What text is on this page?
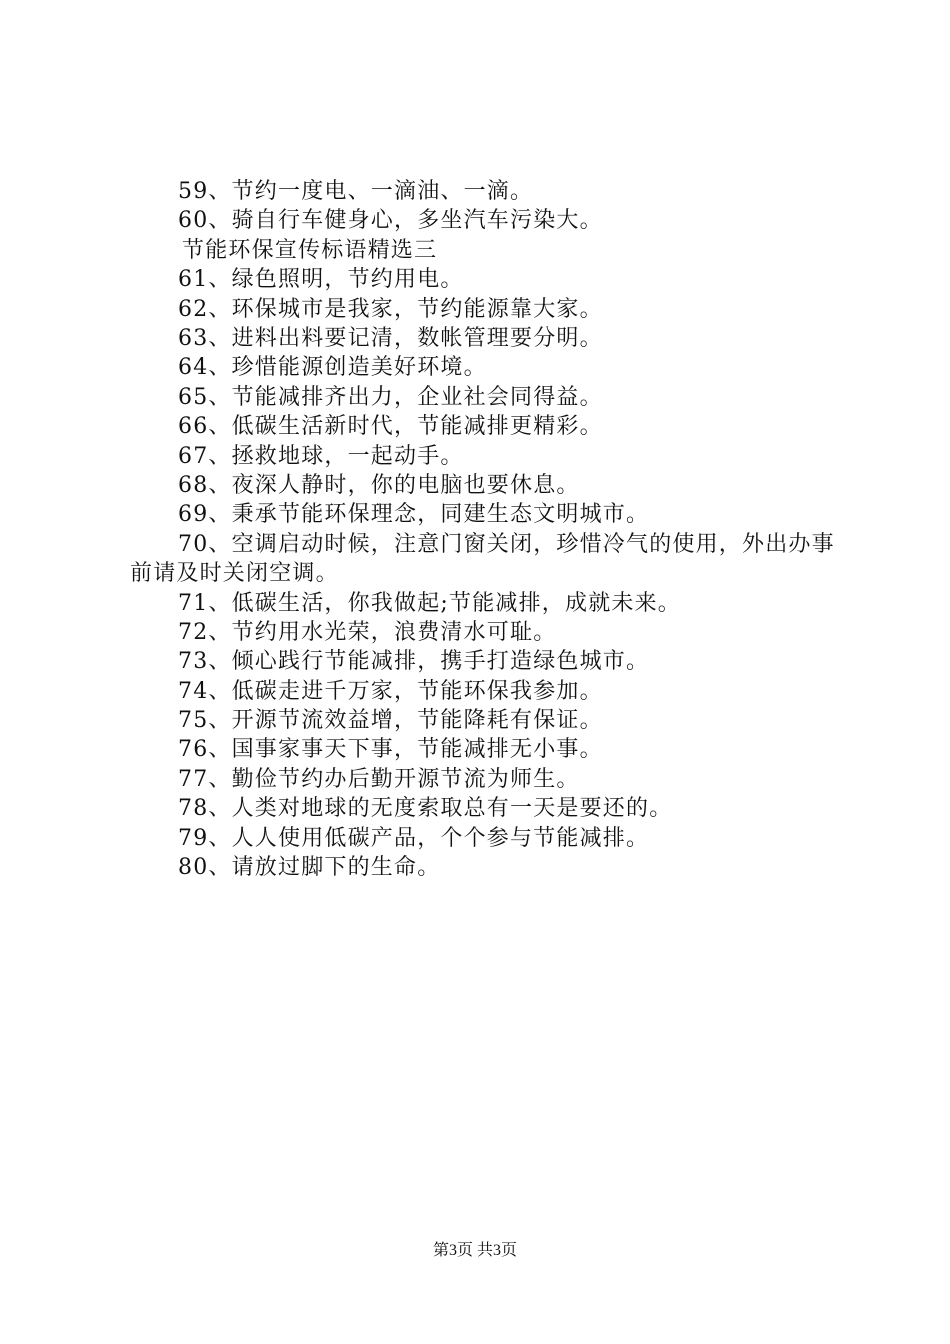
59、节约一度电、一滴油、一滴。
60、骑自行车健身心，多坐汽车污染大。
节能环保宣传标语精选三
61、绿色照明，节约用电。
62、环保城市是我家，节约能源靠大家。
63、进料出料要记清，数帐管理要分明。
64、珍惜能源创造美好环境。
65、节能减排齐出力，企业社会同得益。
66、低碳生活新时代，节能减排更精彩。
67、拯救地球，一起动手。
68、夜深人静时，你的电脑也要休息。
69、秉承节能环保理念，同建生态文明城市。
70、空调启动时候，注意门窗关闭，珍惜冷气的使用，外出办事前请及时关闭空调。
71、低碳生活，你我做起;节能减排，成就未来。
72、节约用水光荣，浪费清水可耻。
73、倾心践行节能减排，携手打造绿色城市。
74、低碳走进千万家，节能环保我参加。
75、开源节流效益增，节能降耗有保证。
76、国事家事天下事，节能减排无小事。
77、勤俭节约办后勤开源节流为师生。
78、人类对地球的无度索取总有一天是要还的。
79、人人使用低碳产品，个个参与节能减排。
80、请放过脚下的生命。
第3页 共3页
